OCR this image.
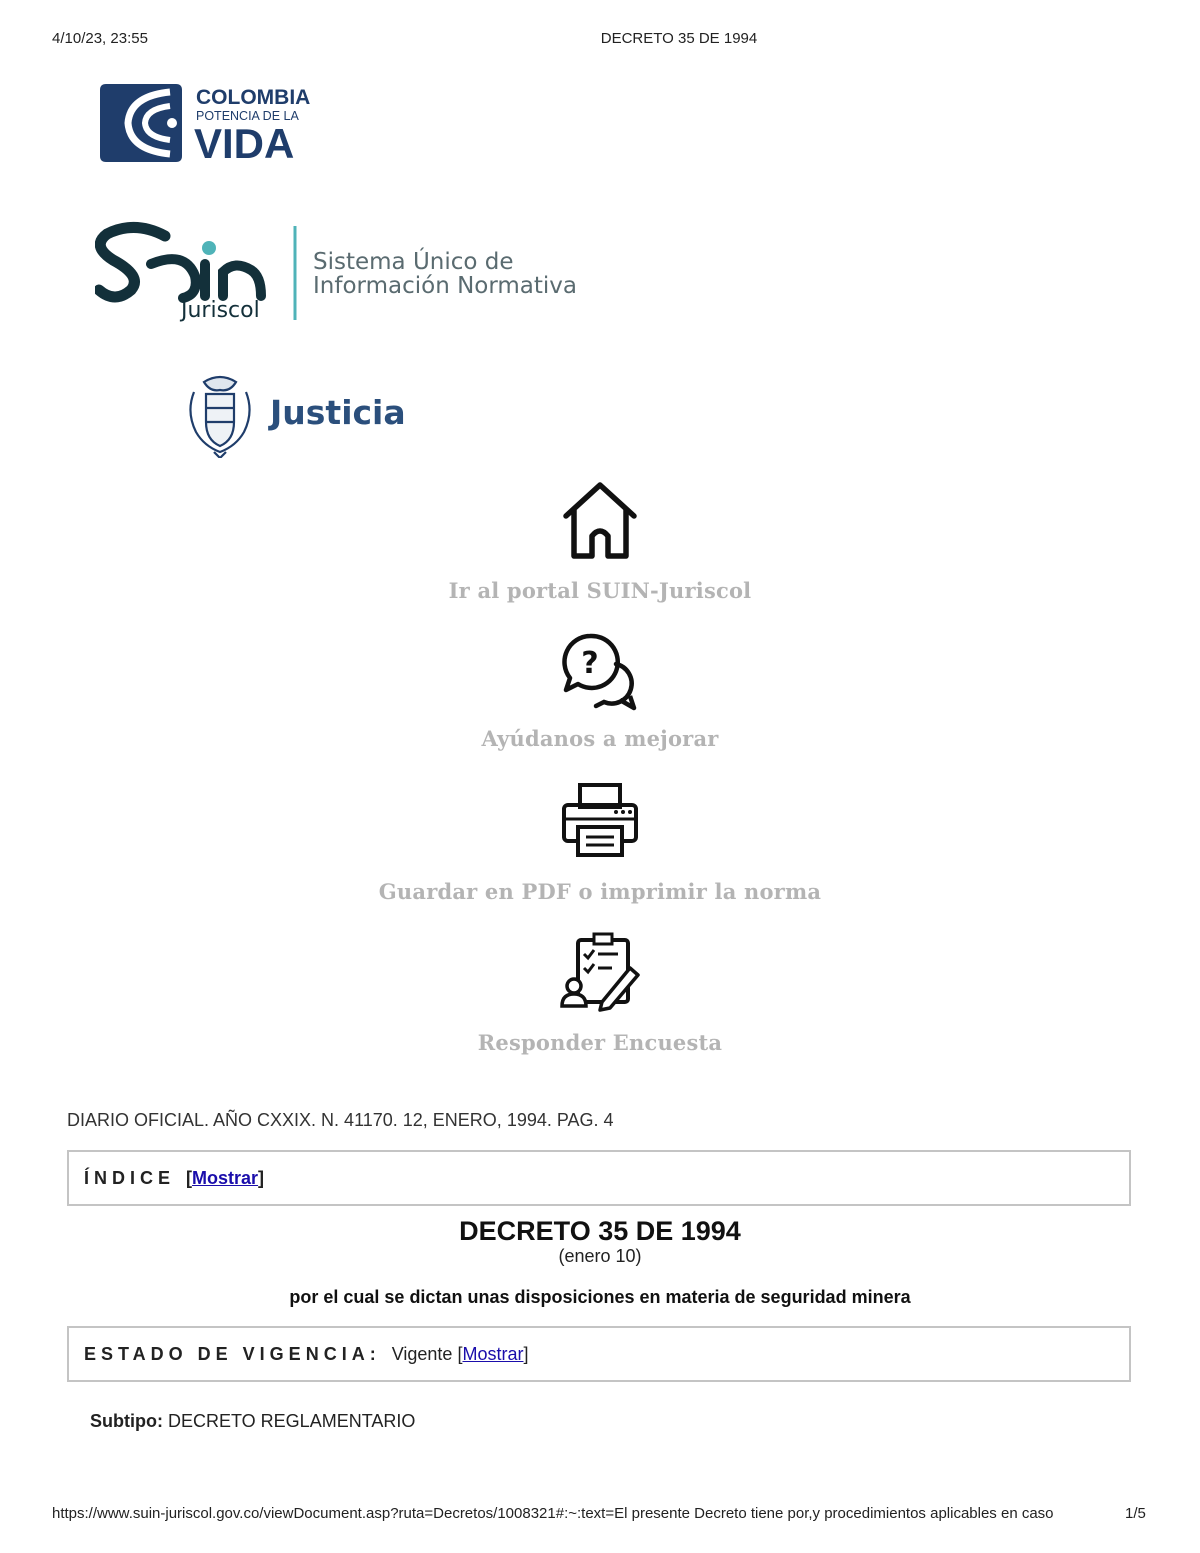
4/10/23, 23:55	DECRETO 35 DE 1994
COLOMBIA
POTENCIA DE LA
VIDA
Juriscol
Sistema Único de
Información Normativa
Justicia
Ir al portal SUIN-Juriscol
?
Ayúdanos a mejorar
Guardar en PDF o imprimir la norma
Responder Encuesta
DIARIO OFICIAL. AÑO CXXIX. N. 41170. 12, ENERO, 1994. PAG. 4
ÍNDICE [Mostrar]
DECRETO 35 DE 1994
(enero 10)
por el cual se dictan unas disposiciones en materia de seguridad minera
ESTADO DE VIGENCIA: Vigente [Mostrar]
Subtipo: DECRETO REGLAMENTARIO
https://www.suin-juriscol.gov.co/viewDocument.asp?ruta=Decretos/1008321#:~:text=El presente Decreto tiene por,y procedimientos aplicables en caso	1/5
